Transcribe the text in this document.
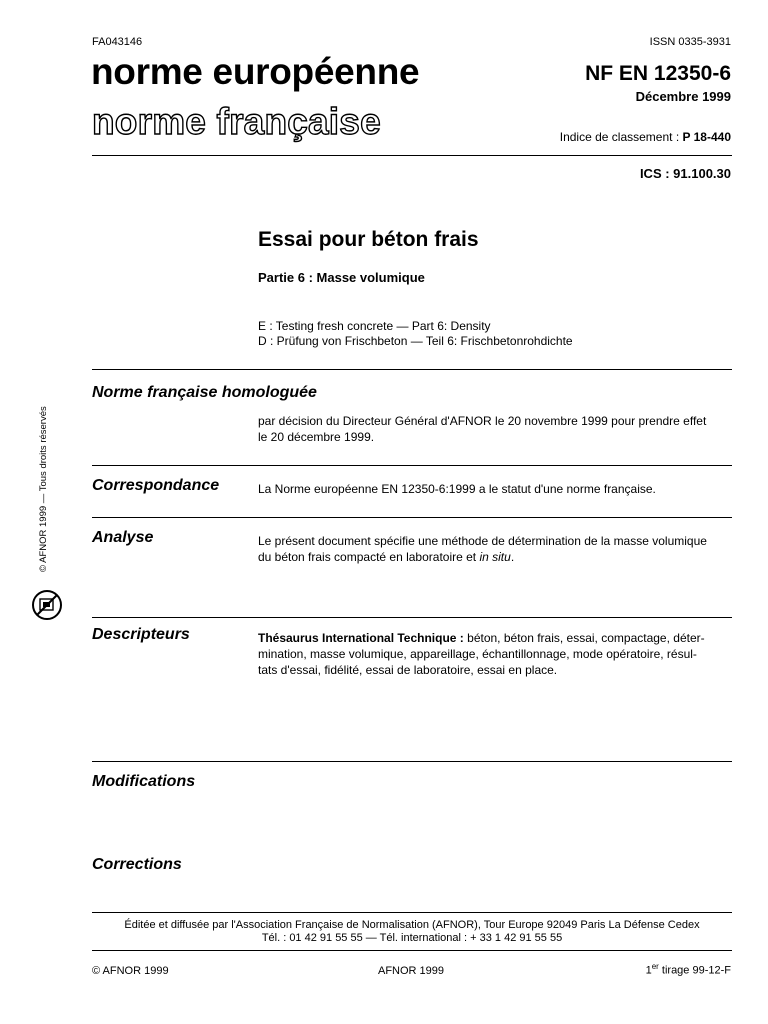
FA043146	ISSN 0335-3931
norme européenne
norme française
NF EN 12350-6
Décembre 1999
Indice de classement : P 18-440
ICS : 91.100.30
Essai pour béton frais
Partie 6 : Masse volumique
E : Testing fresh concrete — Part 6: Density
D : Prüfung von Frischbeton — Teil 6: Frischbetonrohdichte
Norme française homologuée
par décision du Directeur Général d'AFNOR le 20 novembre 1999 pour prendre effet
le 20 décembre 1999.
Correspondance	La Norme européenne EN 12350-6:1999 a le statut d'une norme française.
Analyse	Le présent document spécifie une méthode de détermination de la masse volumique
du béton frais compacté en laboratoire et in situ.
Descripteurs	Thésaurus International Technique : béton, béton frais, essai, compactage, déter-
mination, masse volumique, appareillage, échantillonnage, mode opératoire, résul-
tats d'essai, fidélité, essai de laboratoire, essai en place.
Modifications
Corrections
© AFNOR 1999 — Tous droits réservés
Éditée et diffusée par l'Association Française de Normalisation (AFNOR), Tour Europe 92049 Paris La Défense Cedex
Tél. : 01 42 91 55 55 — Tél. international : + 33 1 42 91 55 55
© AFNOR 1999	AFNOR 1999	1er tirage 99-12-F
